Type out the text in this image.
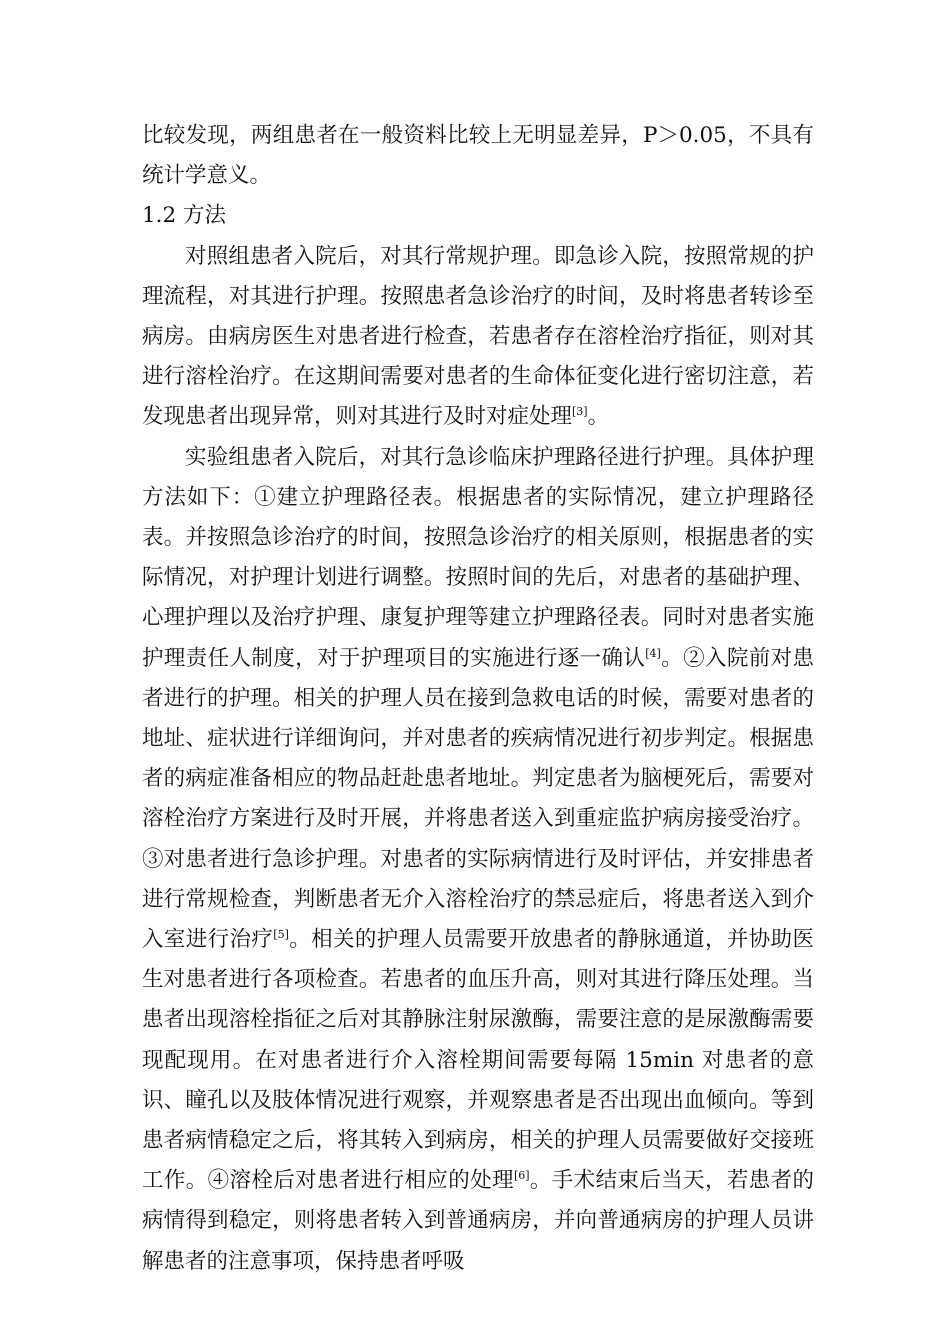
比较发现，两组患者在一般资料比较上无明显差异，P＞0.05，不具有统计学意义。

1.2 方法

对照组患者入院后，对其行常规护理。即急诊入院，按照常规的护理流程，对其进行护理。按照患者急诊治疗的时间，及时将患者转诊至病房。由病房医生对患者进行检查，若患者存在溶栓治疗指征，则对其进行溶栓治疗。在这期间需要对患者的生命体征变化进行密切注意，若发现患者出现异常，则对其进行及时对症处理[3]。

实验组患者入院后，对其行急诊临床护理路径进行护理。具体护理方法如下：①建立护理路径表。根据患者的实际情况，建立护理路径表。并按照急诊治疗的时间，按照急诊治疗的相关原则，根据患者的实际情况，对护理计划进行调整。按照时间的先后，对患者的基础护理、心理护理以及治疗护理、康复护理等建立护理路径表。同时对患者实施护理责任人制度，对于护理项目的实施进行逐一确认[4]。②入院前对患者进行的护理。相关的护理人员在接到急救电话的时候，需要对患者的地址、症状进行详细询问，并对患者的疾病情况进行初步判定。根据患者的病症准备相应的物品赶赴患者地址。判定患者为脑梗死后，需要对溶栓治疗方案进行及时开展，并将患者送入到重症监护病房接受治疗。③对患者进行急诊护理。对患者的实际病情进行及时评估，并安排患者进行常规检查，判断患者无介入溶栓治疗的禁忌症后，将患者送入到介入室进行治疗[5]。相关的护理人员需要开放患者的静脉通道，并协助医生对患者进行各项检查。若患者的血压升高，则对其进行降压处理。当患者出现溶栓指征之后对其静脉注射尿激酶，需要注意的是尿激酶需要现配现用。在对患者进行介入溶栓期间需要每隔 15min 对患者的意识、瞳孔以及肢体情况进行观察，并观察患者是否出现出血倾向。等到患者病情稳定之后，将其转入到病房，相关的护理人员需要做好交接班工作。④溶栓后对患者进行相应的处理[6]。手术结束后当天，若患者的病情得到稳定，则将患者转入到普通病房，并向普通病房的护理人员讲解患者的注意事项，保持患者呼吸
